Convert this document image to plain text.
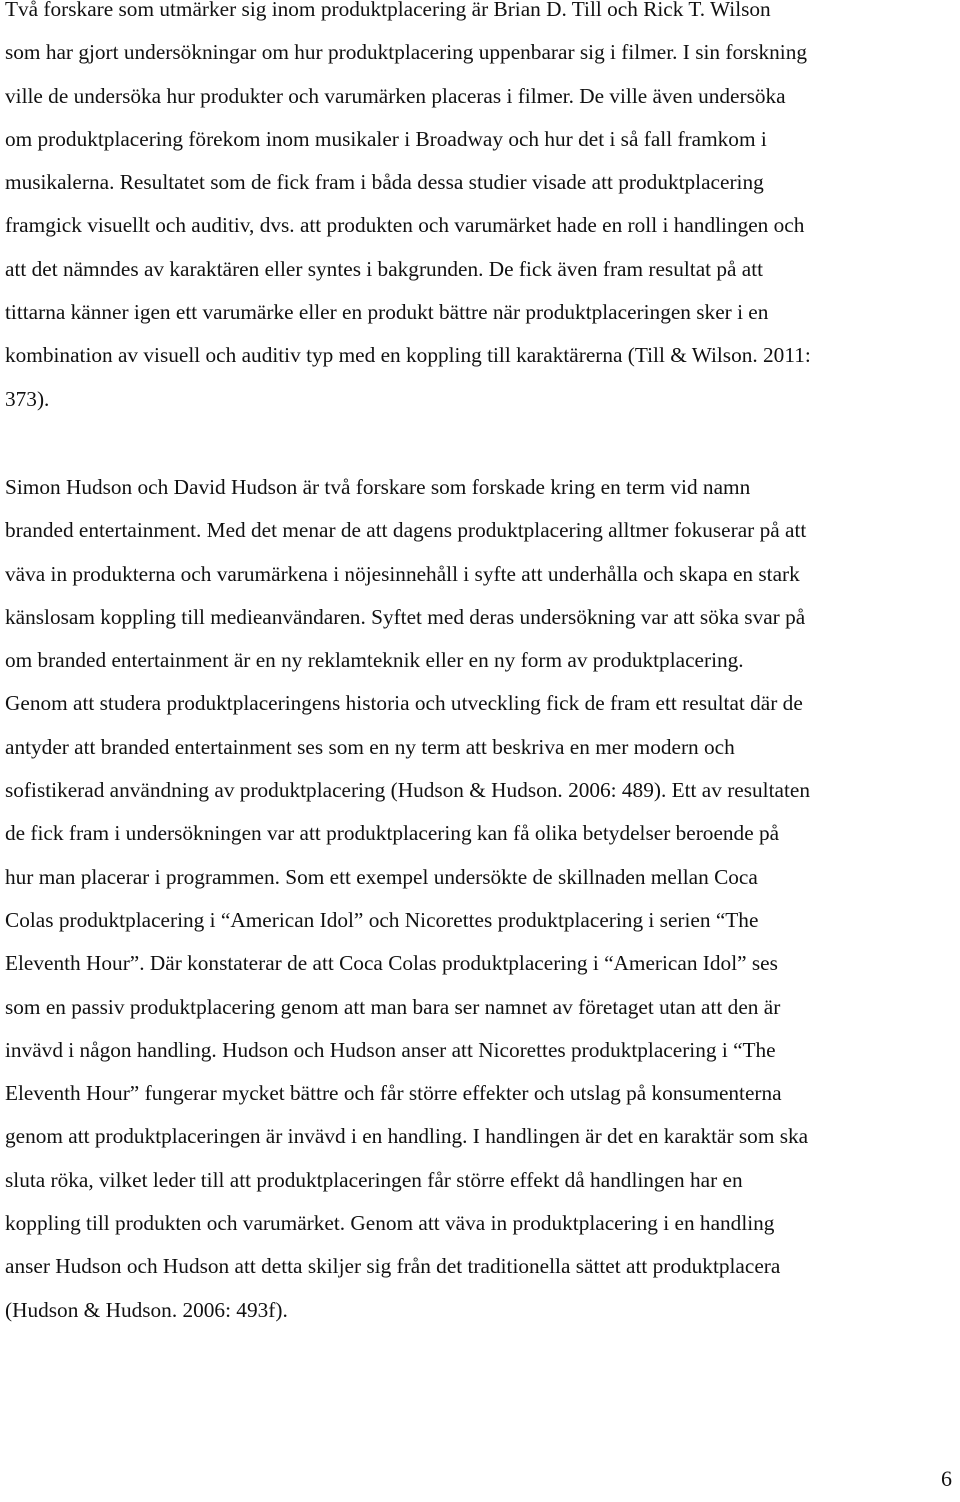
Två forskare som utmärker sig inom produktplacering är Brian D. Till och Rick T. Wilson
som har gjort undersökningar om hur produktplacering uppenbarar sig i filmer. I sin forskning
ville de undersöka hur produkter och varumärken placeras i filmer. De ville även undersöka
om produktplacering förekom inom musikaler i Broadway och hur det i så fall framkom i
musikalerna. Resultatet som de fick fram i båda dessa studier visade att produktplacering
framgick visuellt och auditiv, dvs. att produkten och varumärket hade en roll i handlingen och
att det nämndes av karaktären eller syntes i bakgrunden. De fick även fram resultat på att
tittarna känner igen ett varumärke eller en produkt bättre när produktplaceringen sker i en
kombination av visuell och auditiv typ med en koppling till karaktärerna (Till & Wilson. 2011:
373).

Simon Hudson och David Hudson är två forskare som forskade kring en term vid namn
branded entertainment. Med det menar de att dagens produktplacering alltmer fokuserar på att
väva in produkterna och varumärkena i nöjesinnehåll i syfte att underhålla och skapa en stark
känslosam koppling till medieanvändaren. Syftet med deras undersökning var att söka svar på
om branded entertainment är en ny reklamteknik eller en ny form av produktplacering.
Genom att studera produktplaceringens historia och utveckling fick de fram ett resultat där de
antyder att branded entertainment ses som en ny term att beskriva en mer modern och
sofistikerad användning av produktplacering (Hudson & Hudson. 2006: 489). Ett av resultaten
de fick fram i undersökningen var att produktplacering kan få olika betydelser beroende på
hur man placerar i programmen. Som ett exempel undersökte de skillnaden mellan Coca
Colas produktplacering i “American Idol” och Nicorettes produktplacering i serien “The
Eleventh Hour”. Där konstaterar de att Coca Colas produktplacering i “American Idol” ses
som en passiv produktplacering genom att man bara ser namnet av företaget utan att den är
invävd i någon handling. Hudson och Hudson anser att Nicorettes produktplacering i “The
Eleventh Hour” fungerar mycket bättre och får större effekter och utslag på konsumenterna
genom att produktplaceringen är invävd i en handling. I handlingen är det en karaktär som ska
sluta röka, vilket leder till att produktplaceringen får större effekt då handlingen har en
koppling till produkten och varumärket. Genom att väva in produktplacering i en handling
anser Hudson och Hudson att detta skiljer sig från det traditionella sättet att produktplacera
(Hudson & Hudson. 2006: 493f).

6
